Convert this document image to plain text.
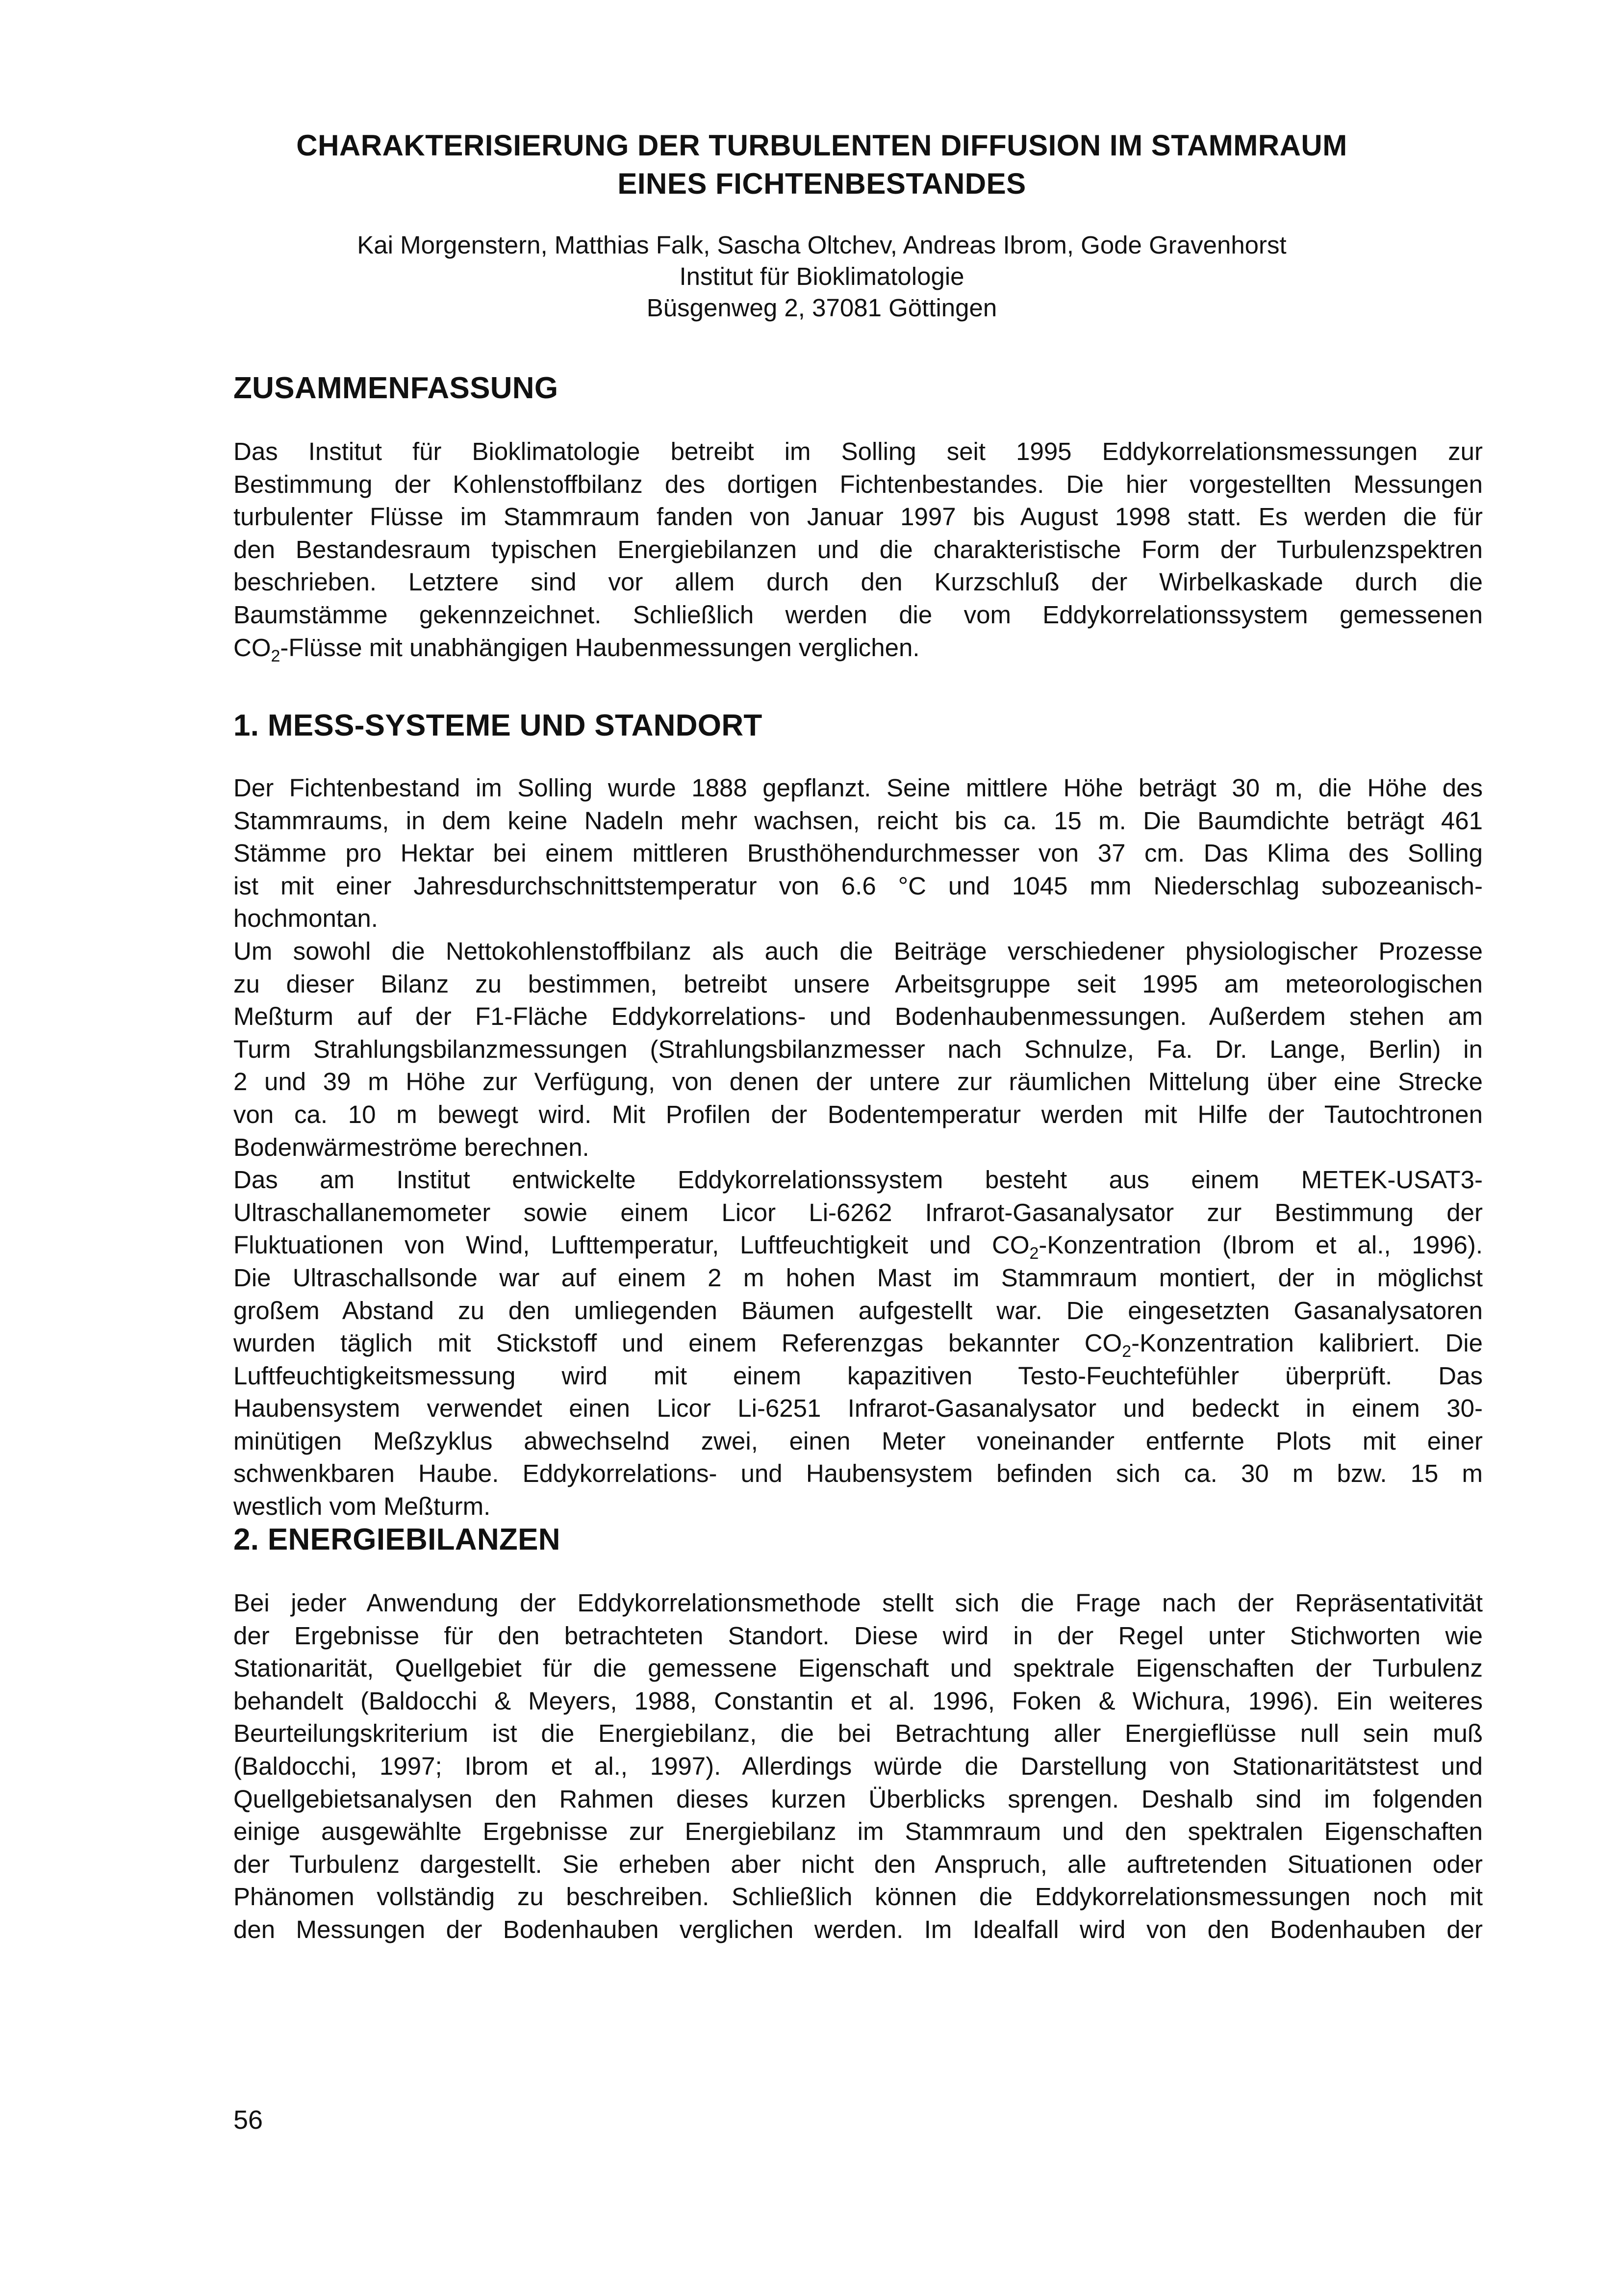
CHARAKTERISIERUNG DER TURBULENTEN DIFFUSION IM STAMMRAUM
EINES FICHTENBESTANDES
Kai Morgenstern, Matthias Falk, Sascha Oltchev, Andreas Ibrom, Gode Gravenhorst
Institut für Bioklimatologie
Büsgenweg 2, 37081 Göttingen
ZUSAMMENFASSUNG
Das Institut für Bioklimatologie betreibt im Solling seit 1995 Eddykorrelationsmessungen zur
Bestimmung der Kohlenstoffbilanz des dortigen Fichtenbestandes. Die hier vorgestellten Messungen
turbulenter Flüsse im Stammraum fanden von Januar 1997 bis August 1998 statt. Es werden die für
den Bestandesraum typischen Energiebilanzen und die charakteristische Form der Turbulenzspektren
beschrieben. Letztere sind vor allem durch den Kurzschluß der Wirbelkaskade durch die
Baumstämme gekennzeichnet. Schließlich werden die vom Eddykorrelationssystem gemessenen
$CO_2$-Flüsse mit unabhängigen Haubenmessungen verglichen.
1. MESS-SYSTEME UND STANDORT
Der Fichtenbestand im Solling wurde 1888 gepflanzt. Seine mittlere Höhe beträgt 30 m, die Höhe des
Stammraums, in dem keine Nadeln mehr wachsen, reicht bis ca. 15 m. Die Baumdichte beträgt 461
Stämme pro Hektar bei einem mittleren Brusthöhendurchmesser von 37 cm. Das Klima des Solling
ist mit einer Jahresdurchschnittstemperatur von 6.6 °C und 1045 mm Niederschlag subozeanisch-
hochmontan.
Um sowohl die Nettokohlenstoffbilanz als auch die Beiträge verschiedener physiologischer Prozesse
zu dieser Bilanz zu bestimmen, betreibt unsere Arbeitsgruppe seit 1995 am meteorologischen
Meßturm auf der F1-Fläche Eddykorrelations- und Bodenhaubenmessungen. Außerdem stehen am
Turm Strahlungsbilanzmessungen (Strahlungsbilanzmesser nach Schnulze, Fa. Dr. Lange, Berlin) in
2 und 39 m Höhe zur Verfügung, von denen der untere zur räumlichen Mittelung über eine Strecke
von ca. 10 m bewegt wird. Mit Profilen der Bodentemperatur werden mit Hilfe der Tautochtronen
Bodenwärmeströme berechnen.
Das am Institut entwickelte Eddykorrelationssystem besteht aus einem METEK-USAT3-
Ultraschallanemometer sowie einem Licor Li-6262 Infrarot-Gasanalysator zur Bestimmung der
Fluktuationen von Wind, Lufttemperatur, Luftfeuchtigkeit und $CO_2$-Konzentration (Ibrom et al., 1996).
Die Ultraschallsonde war auf einem 2 m hohen Mast im Stammraum montiert, der in möglichst
großem Abstand zu den umliegenden Bäumen aufgestellt war. Die eingesetzten Gasanalysatoren
wurden täglich mit Stickstoff und einem Referenzgas bekannter $CO_2$-Konzentration kalibriert. Die
Luftfeuchtigkeitsmessung wird mit einem kapazitiven Testo-Feuchtefühler überprüft. Das
Haubensystem verwendet einen Licor Li-6251 Infrarot-Gasanalysator und bedeckt in einem 30-
minütigen Meßzyklus abwechselnd zwei, einen Meter voneinander entfernte Plots mit einer
schwenkbaren Haube. Eddykorrelations- und Haubensystem befinden sich ca. 30 m bzw. 15 m
westlich vom Meßturm.
2. ENERGIEBILANZEN
Bei jeder Anwendung der Eddykorrelationsmethode stellt sich die Frage nach der Repräsentativität
der Ergebnisse für den betrachteten Standort. Diese wird in der Regel unter Stichworten wie
Stationarität, Quellgebiet für die gemessene Eigenschaft und spektrale Eigenschaften der Turbulenz
behandelt (Baldocchi & Meyers, 1988, Constantin et al. 1996, Foken & Wichura, 1996). Ein weiteres
Beurteilungskriterium ist die Energiebilanz, die bei Betrachtung aller Energieflüsse null sein muß
(Baldocchi, 1997; Ibrom et al., 1997). Allerdings würde die Darstellung von Stationaritätstest und
Quellgebietsanalysen den Rahmen dieses kurzen Überblicks sprengen. Deshalb sind im folgenden
einige ausgewählte Ergebnisse zur Energiebilanz im Stammraum und den spektralen Eigenschaften
der Turbulenz dargestellt. Sie erheben aber nicht den Anspruch, alle auftretenden Situationen oder
Phänomen vollständig zu beschreiben. Schließlich können die Eddykorrelationsmessungen noch mit
den Messungen der Bodenhauben verglichen werden. Im Idealfall wird von den Bodenhauben der
56
